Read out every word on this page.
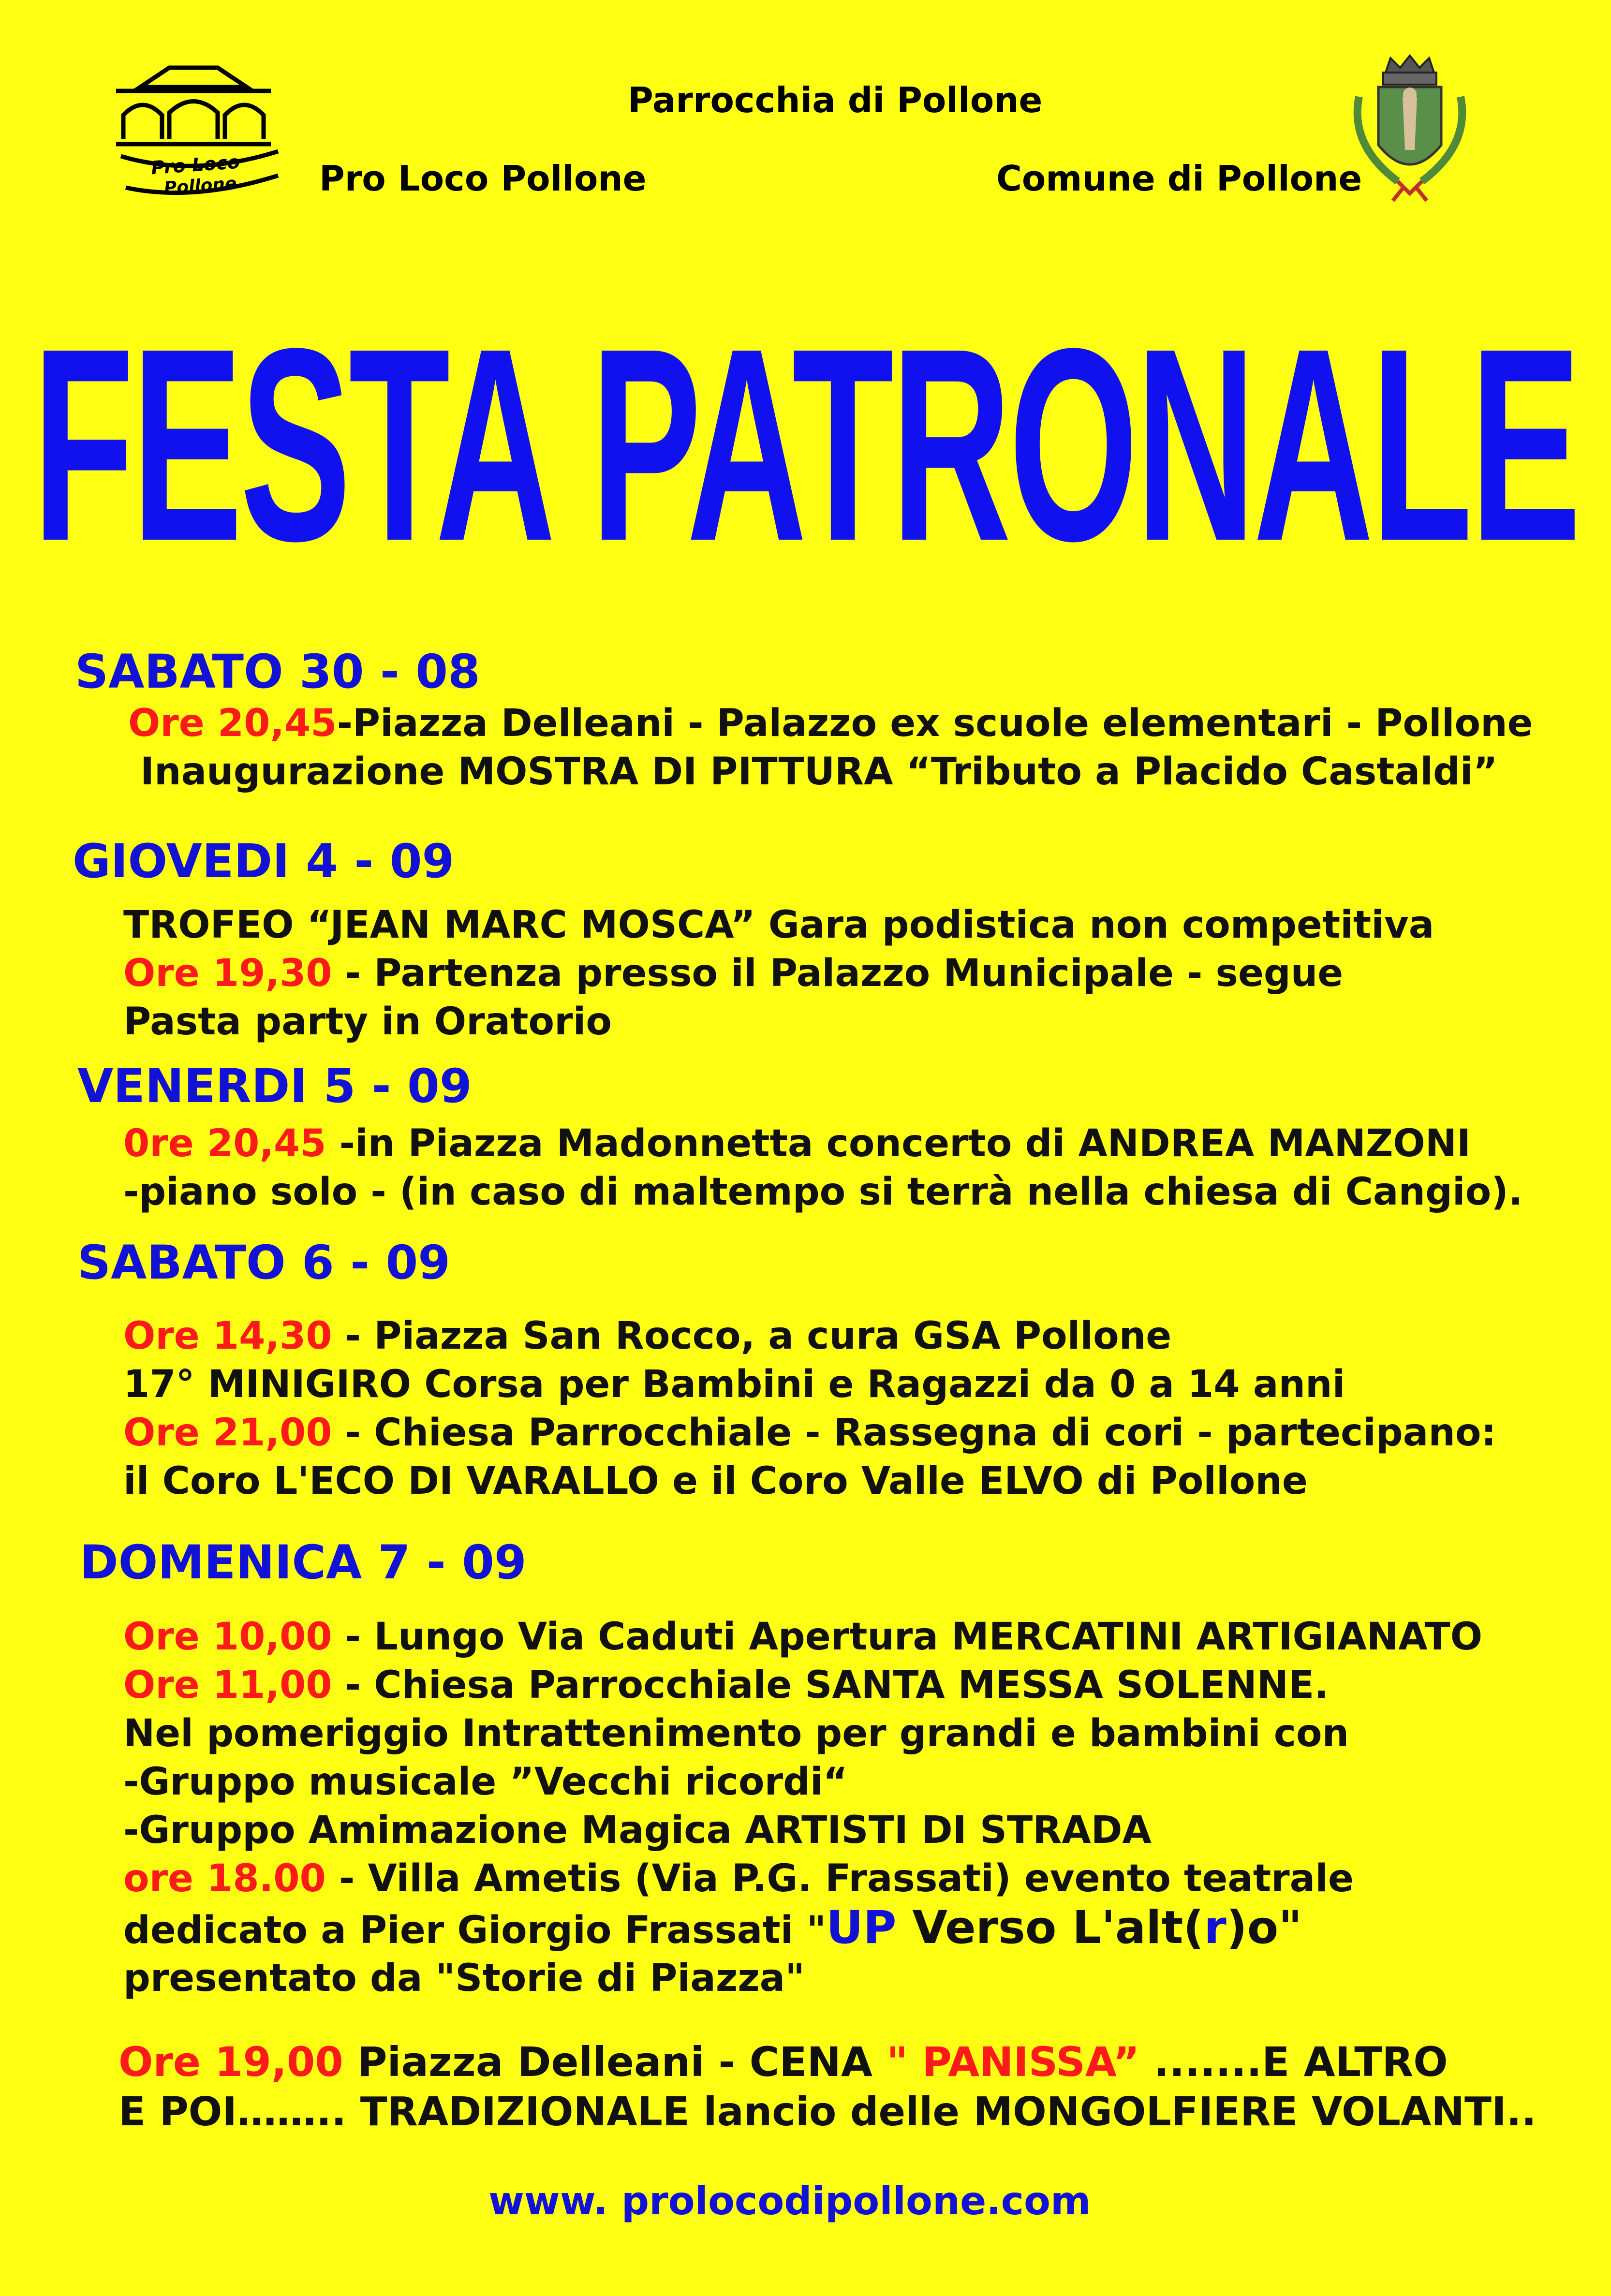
Pro Loco
Pollone
Parrocchia di Pollone
Pro Loco Pollone	Comune di Pollone
FESTA PATRONALE
SABATO 30 - 08
Ore 20,45-Piazza Delleani - Palazzo ex scuole elementari - Pollone
Inaugurazione MOSTRA DI PITTURA “Tributo a Placido Castaldi”
GIOVEDI 4 - 09
TROFEO “JEAN MARC MOSCA” Gara podistica non competitiva
Ore 19,30 - Partenza presso il Palazzo Municipale - segue
Pasta party in Oratorio
VENERDI 5 - 09
0re 20,45 -in Piazza Madonnetta concerto di ANDREA MANZONI
-piano solo - (in caso di maltempo si terrà nella chiesa di Cangio).
SABATO 6 - 09
Ore 14,30 - Piazza San Rocco, a cura GSA Pollone
17° MINIGIRO Corsa per Bambini e Ragazzi da 0 a 14 anni
Ore 21,00 - Chiesa Parrocchiale - Rassegna di cori - partecipano:
il Coro L'ECO DI VARALLO e il Coro Valle ELVO di Pollone
DOMENICA 7 - 09
Ore 10,00 - Lungo Via Caduti Apertura MERCATINI ARTIGIANATO
Ore 11,00 - Chiesa Parrocchiale SANTA MESSA SOLENNE.
Nel pomeriggio Intrattenimento per grandi e bambini con
-Gruppo musicale ”Vecchi ricordi“
-Gruppo Amimazione Magica ARTISTI DI STRADA
ore 18.00 - Villa Ametis (Via P.G. Frassati) evento teatrale
dedicato a Pier Giorgio Frassati "UP Verso L'alt(r)o"
presentato da "Storie di Piazza"
Ore 19,00 Piazza Delleani - CENA " PANISSA” .......E ALTRO
E POI…….. TRADIZIONALE lancio delle MONGOLFIERE VOLANTI..
www. prolocodipollone.com
